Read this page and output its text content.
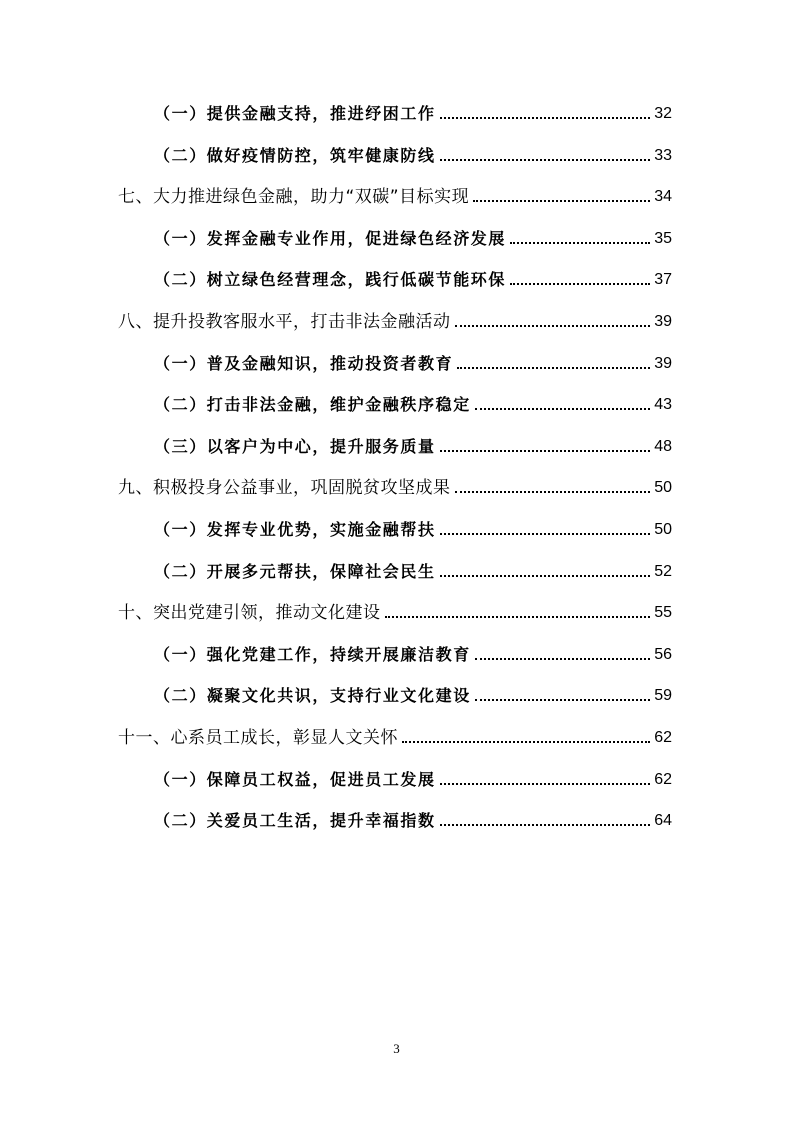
（一）提供金融支持，推进纾困工作	32
（二）做好疫情防控，筑牢健康防线	33
七、大力推进绿色金融，助力“双碳”目标实现	34
（一）发挥金融专业作用，促进绿色经济发展	35
（二）树立绿色经营理念，践行低碳节能环保	37
八、提升投教客服水平，打击非法金融活动	39
（一）普及金融知识，推动投资者教育	39
（二）打击非法金融，维护金融秩序稳定	43
（三）以客户为中心，提升服务质量	48
九、积极投身公益事业，巩固脱贫攻坚成果	50
（一）发挥专业优势，实施金融帮扶	50
（二）开展多元帮扶，保障社会民生	52
十、突出党建引领，推动文化建设	55
（一）强化党建工作，持续开展廉洁教育	56
（二）凝聚文化共识，支持行业文化建设	59
十一、心系员工成长，彰显人文关怀	62
（一）保障员工权益，促进员工发展	62
（二）关爱员工生活，提升幸福指数	64
3
